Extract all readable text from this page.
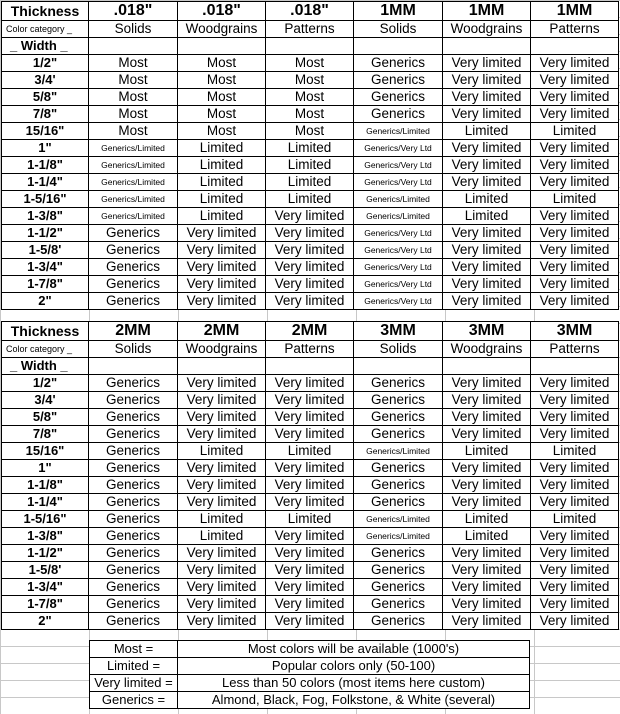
Thickness	.018"	.018"	.018"	1MM	1MM	1MM
Color category _	Solids	Woodgrains	Patterns	Solids	Woodgrains	Patterns
_ Width _						
1/2"	Most	Most	Most	Generics	Very limited	Very limited
3/4'	Most	Most	Most	Generics	Very limited	Very limited
5/8"	Most	Most	Most	Generics	Very limited	Very limited
7/8"	Most	Most	Most	Generics	Very limited	Very limited
15/16"	Most	Most	Most	Generics/Limited	Limited	Limited
1"	Generics/Limited	Limited	Limited	Generics/Very Ltd	Very limited	Very limited
1-1/8"	Generics/Limited	Limited	Limited	Generics/Very Ltd	Very limited	Very limited
1-1/4"	Generics/Limited	Limited	Limited	Generics/Very Ltd	Very limited	Very limited
1-5/16"	Generics/Limited	Limited	Limited	Generics/Limited	Limited	Limited
1-3/8"	Generics/Limited	Limited	Very limited	Generics/Limited	Limited	Very limited
1-1/2"	Generics	Very limited	Very limited	Generics/Very Ltd	Very limited	Very limited
1-5/8'	Generics	Very limited	Very limited	Generics/Very Ltd	Very limited	Very limited
1-3/4"	Generics	Very limited	Very limited	Generics/Very Ltd	Very limited	Very limited
1-7/8"	Generics	Very limited	Very limited	Generics/Very Ltd	Very limited	Very limited
2"	Generics	Very limited	Very limited	Generics/Very Ltd	Very limited	Very limited
Thickness	2MM	2MM	2MM	3MM	3MM	3MM
Color category _	Solids	Woodgrains	Patterns	Solids	Woodgrains	Patterns
_ Width _						
1/2"	Generics	Very limited	Very limited	Generics	Very limited	Very limited
3/4'	Generics	Very limited	Very limited	Generics	Very limited	Very limited
5/8"	Generics	Very limited	Very limited	Generics	Very limited	Very limited
7/8"	Generics	Very limited	Very limited	Generics	Very limited	Very limited
15/16"	Generics	Limited	Limited	Generics/Limited	Limited	Limited
1"	Generics	Very limited	Very limited	Generics	Very limited	Very limited
1-1/8"	Generics	Very limited	Very limited	Generics	Very limited	Very limited
1-1/4"	Generics	Very limited	Very limited	Generics	Very limited	Very limited
1-5/16"	Generics	Limited	Limited	Generics/Limited	Limited	Limited
1-3/8"	Generics	Limited	Very limited	Generics/Limited	Limited	Very limited
1-1/2"	Generics	Very limited	Very limited	Generics	Very limited	Very limited
1-5/8'	Generics	Very limited	Very limited	Generics	Very limited	Very limited
1-3/4"	Generics	Very limited	Very limited	Generics	Very limited	Very limited
1-7/8"	Generics	Very limited	Very limited	Generics	Very limited	Very limited
2"	Generics	Very limited	Very limited	Generics	Very limited	Very limited
Most =	Most colors will be available (1000's)
Limited =	Popular colors only (50-100)
Very limited =	Less than 50 colors (most items here custom)
Generics =	Almond, Black, Fog, Folkstone, & White (several)
